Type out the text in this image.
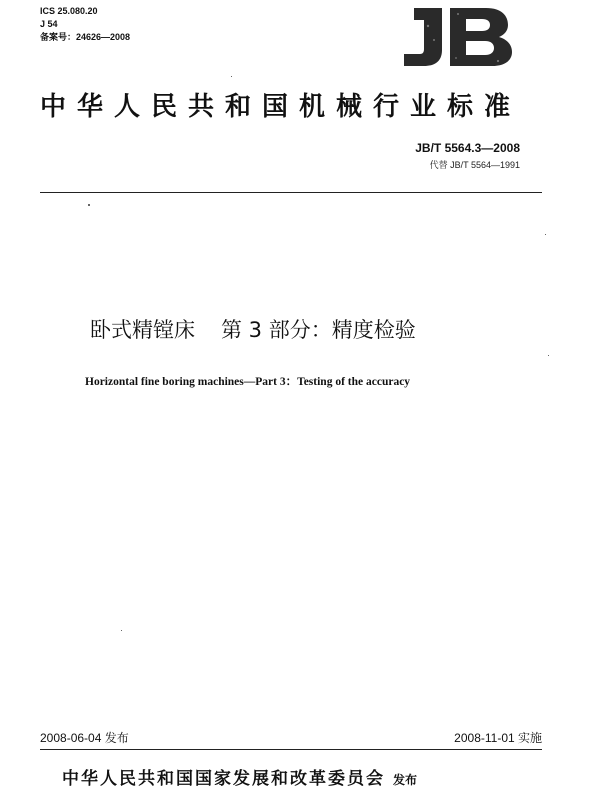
ICS 25.080.20
J 54
备案号：24626—2008
中华人民共和国机械行业标准
JB/T 5564.3—2008
代替 JB/T 5564—1991
卧式精镗床 第 3 部分：精度检验
Horizontal fine boring machines—Part 3：Testing of the accuracy
2008-06-04 发布	2008-11-01 实施
中华人民共和国国家发展和改革委员会 发布
